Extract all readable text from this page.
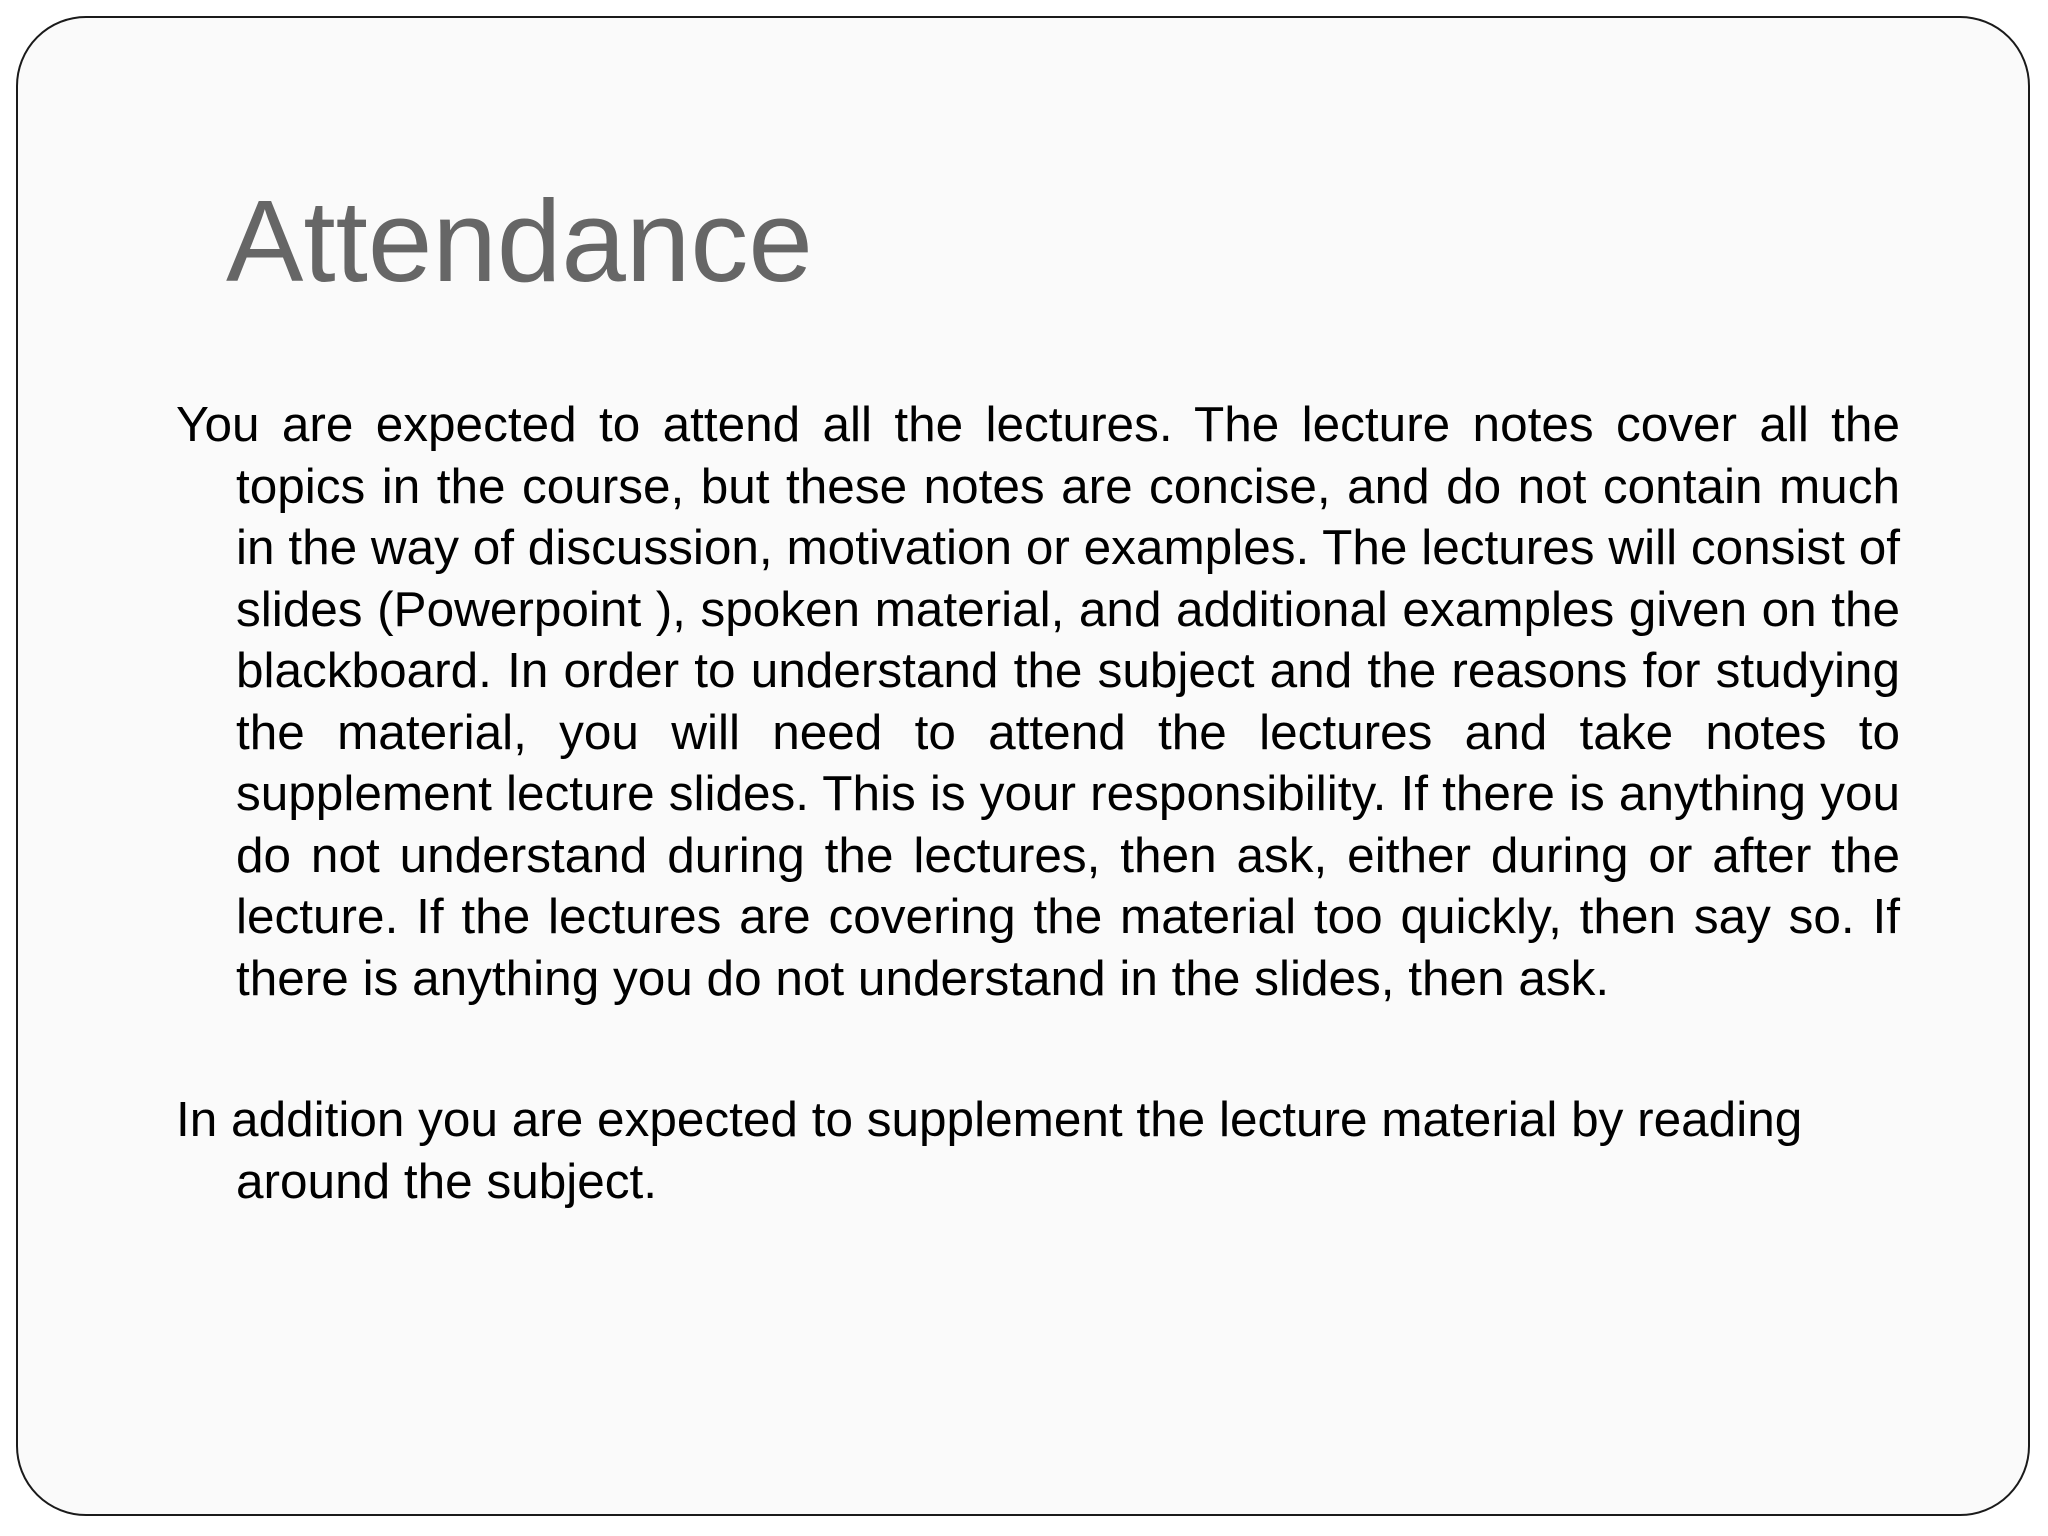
Attendance

You are expected to attend all the lectures. The lecture notes cover all the topics in the course, but these notes are concise, and do not contain much in the way of discussion, motivation or examples. The lectures will consist of slides (Powerpoint ), spoken material, and additional examples given on the blackboard. In order to understand the subject and the reasons for studying the material, you will need to attend the lectures and take notes to supplement lecture slides. This is your responsibility. If there is anything you do not understand during the lectures, then ask, either during or after the lecture. If the lectures are covering the material too quickly, then say so. If there is anything you do not understand in the slides, then ask.

In addition you are expected to supplement the lecture material by reading around the subject.
